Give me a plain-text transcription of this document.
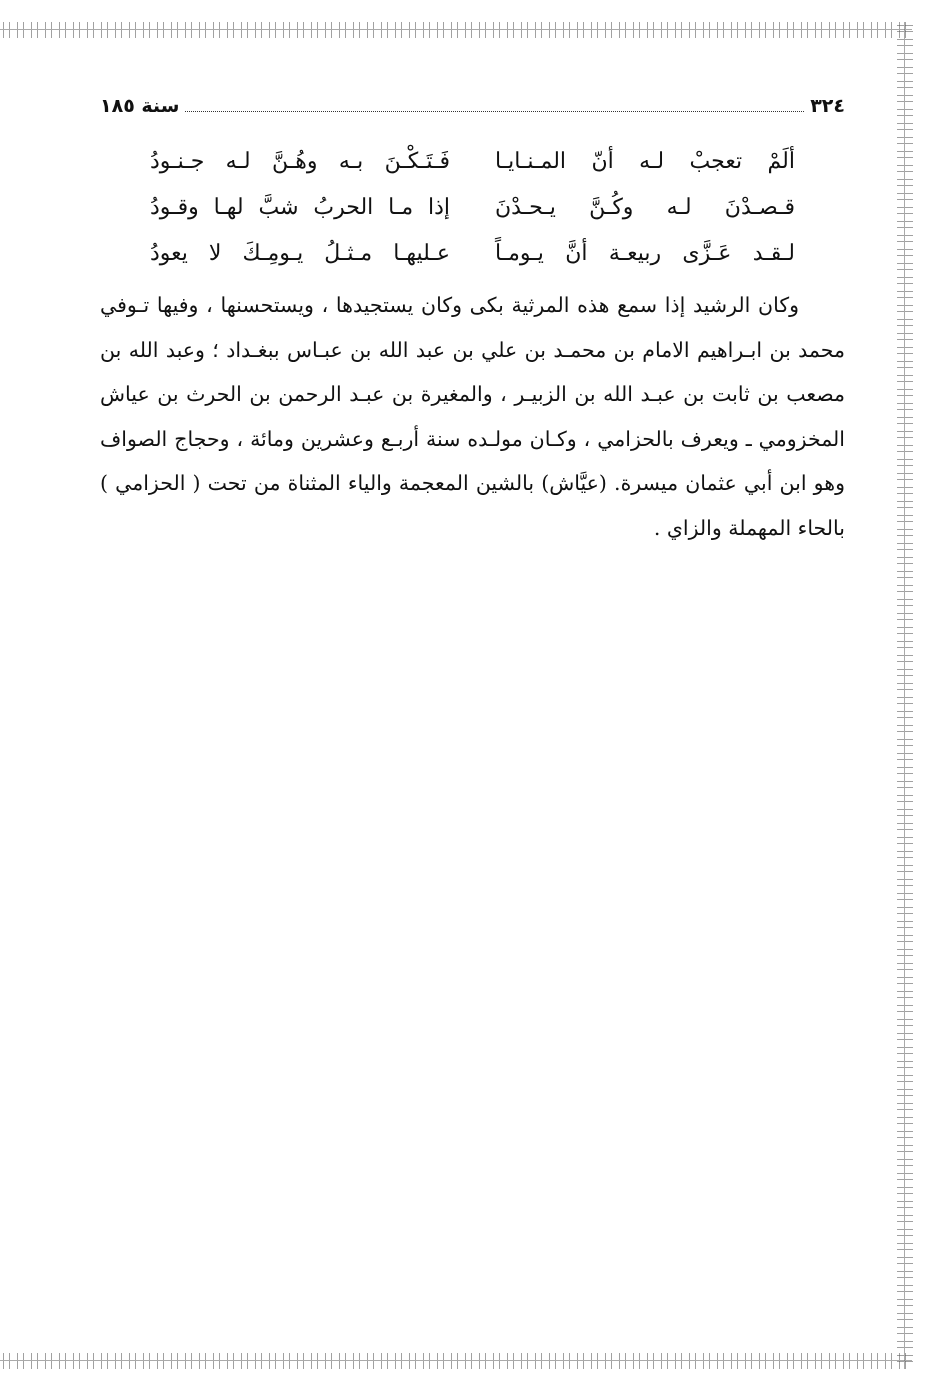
٣٢٤
سنة ١٨٥
ألَمْ تعجبْ لـه أنّ المـنـايـا
فَـتَـكْـنَ بـه وهُـنَّ لـه جـنـودُ
قـصـدْنَ لـه وكُـنَّ يـحـدْنَ
إذا مـا الحربُ شبَّ لهـا وقـودُ
لـقـد عَـزَّى ربيعـة أنَّ يـومـاً
عـليهـا مـثـلُ يـومِـكَ لا يعودُ

وكان الرشيد إذا سمع هذه المرثية بكى وكان يستجيدها ، ويستحسنها ، وفيها تـوفي محمد بن ابـراهيم الامام بن محمـد بن علي بن عبد الله بن عبـاس ببغـداد ؛ وعبد الله بن مصعب بن ثابت بن عبـد الله بن الزبيـر ، والمغيرة بن عبـد الرحمن بن الحرث بن عياش المخزومي ـ ويعرف بالحزامي ، وكـان مولـده سنة أربـع وعشرين ومائة ، وحجاج الصواف وهو ابن أبي عثمان ميسرة. (عيَّاش) بالشين المعجمة والياء المثناة من تحت ( الحزامي ) بالحاء المهملة والزاي .
